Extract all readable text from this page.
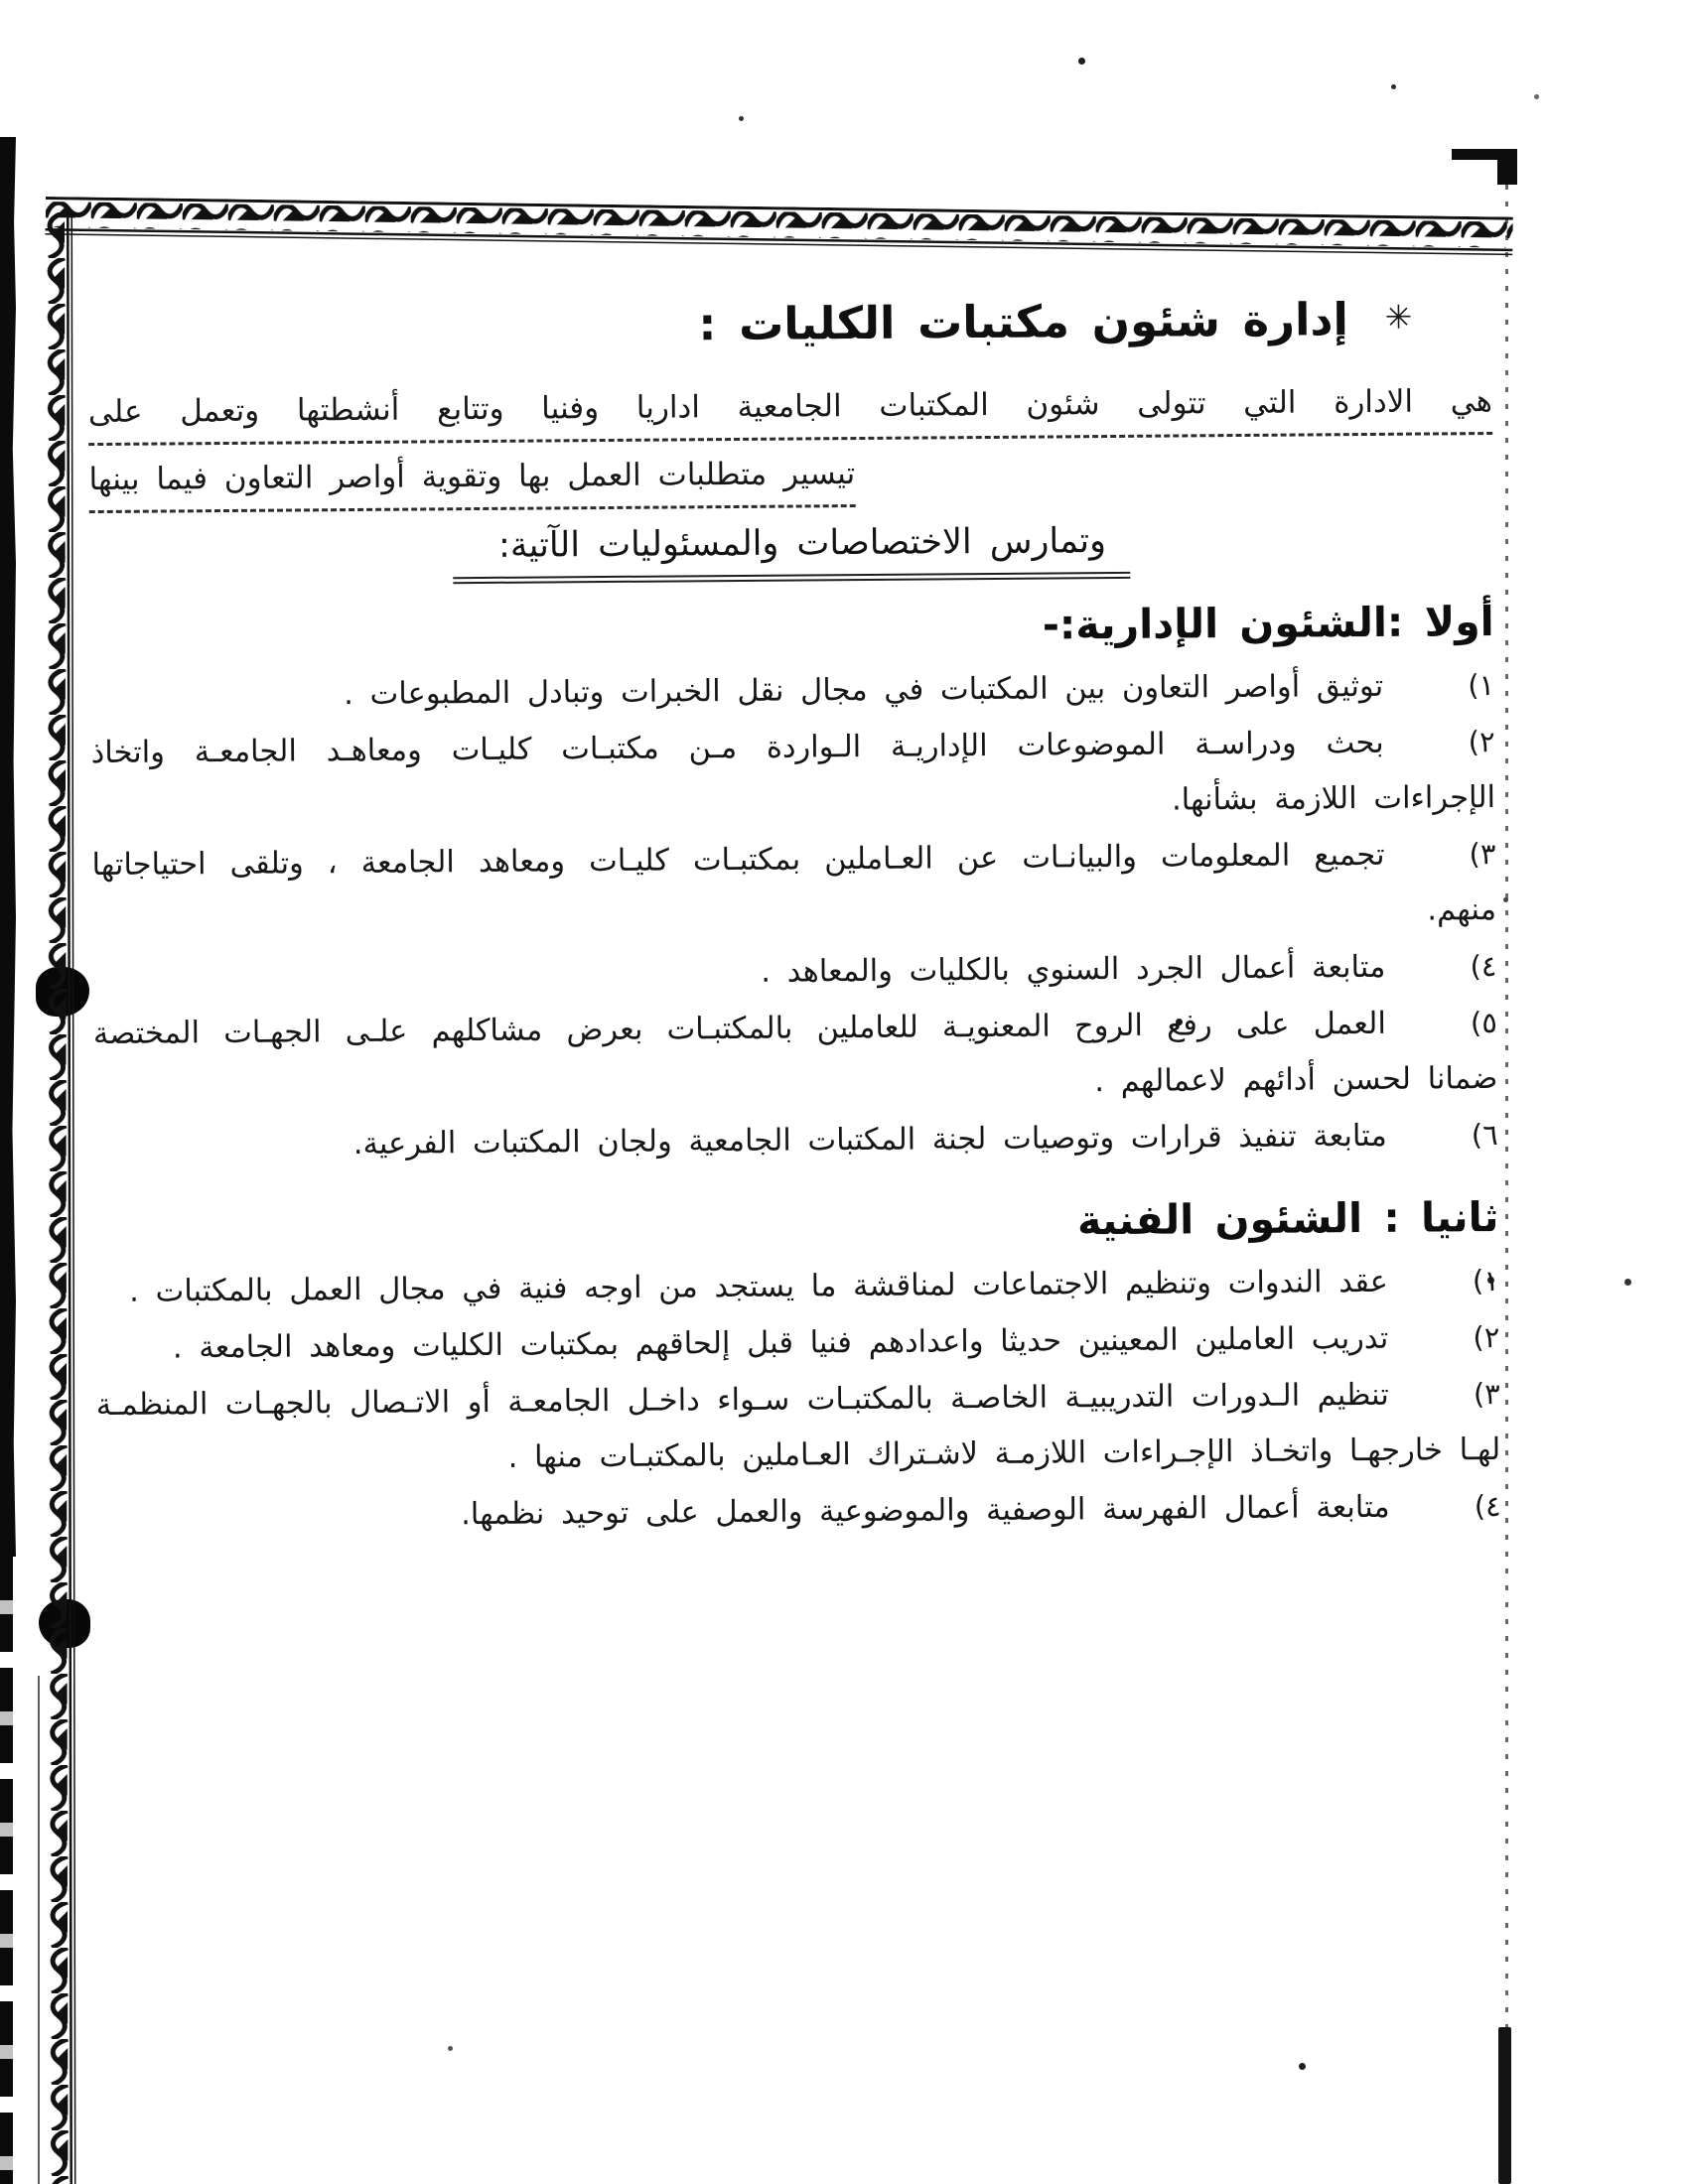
✳ إدارة شئون مكتبات الكليات :
هي الادارة التي تتولى شئون المكتبات الجامعية اداريا وفنيا وتتابع أنشطتها وتعمل على
تيسير متطلبات العمل بها وتقوية أواصر التعاون فيما بينها
وتمارس الاختصاصات والمسئوليات الآتية:
أولا :الشئون الإدارية:-
١)توثيق أواصر التعاون بين المكتبات في مجال نقل الخبرات وتبادل المطبوعات .
٢)بحث ودراسـة الموضوعات الإداريـة الـواردة مـن مكتبـات كليـات ومعاهـد الجامعـة واتخاذ الإجراءات اللازمة بشأنها.
٣)تجميع المعلومات والبيانـات عن العـاملين بمكتبـات كليـات ومعاهد الجامعة ، وتلقى احتياجاتها منهم.
٤)متابعة أعمال الجرد السنوي بالكليات والمعاهد .
٥)العمل على رفع الروح المعنويـة للعاملين بالمكتبـات بعرض مشاكلهم علـى الجهـات المختصة ضمانا لحسن أدائهم لاعمالهم .
٦)متابعة تنفيذ قرارات وتوصيات لجنة المكتبات الجامعية ولجان المكتبات الفرعية.
ثانيا : الشئون الفنية
١)عقد الندوات وتنظيم الاجتماعات لمناقشة ما يستجد من اوجه فنية في مجال العمل بالمكتبات .
٢)تدريب العاملين المعينين حديثا واعدادهم فنيا قبل إلحاقهم بمكتبات الكليات ومعاهد الجامعة .
٣)تنظيم الـدورات التدريبيـة الخاصـة بالمكتبـات سـواء داخـل الجامعـة أو الاتـصال بالجهـات المنظمـة لهـا خارجهـا واتخـاذ الإجـراءات اللازمـة لاشـتراك العـاملين بالمكتبـات منها .
٤)متابعة أعمال الفهرسة الوصفية والموضوعية والعمل على توحيد نظمها.
